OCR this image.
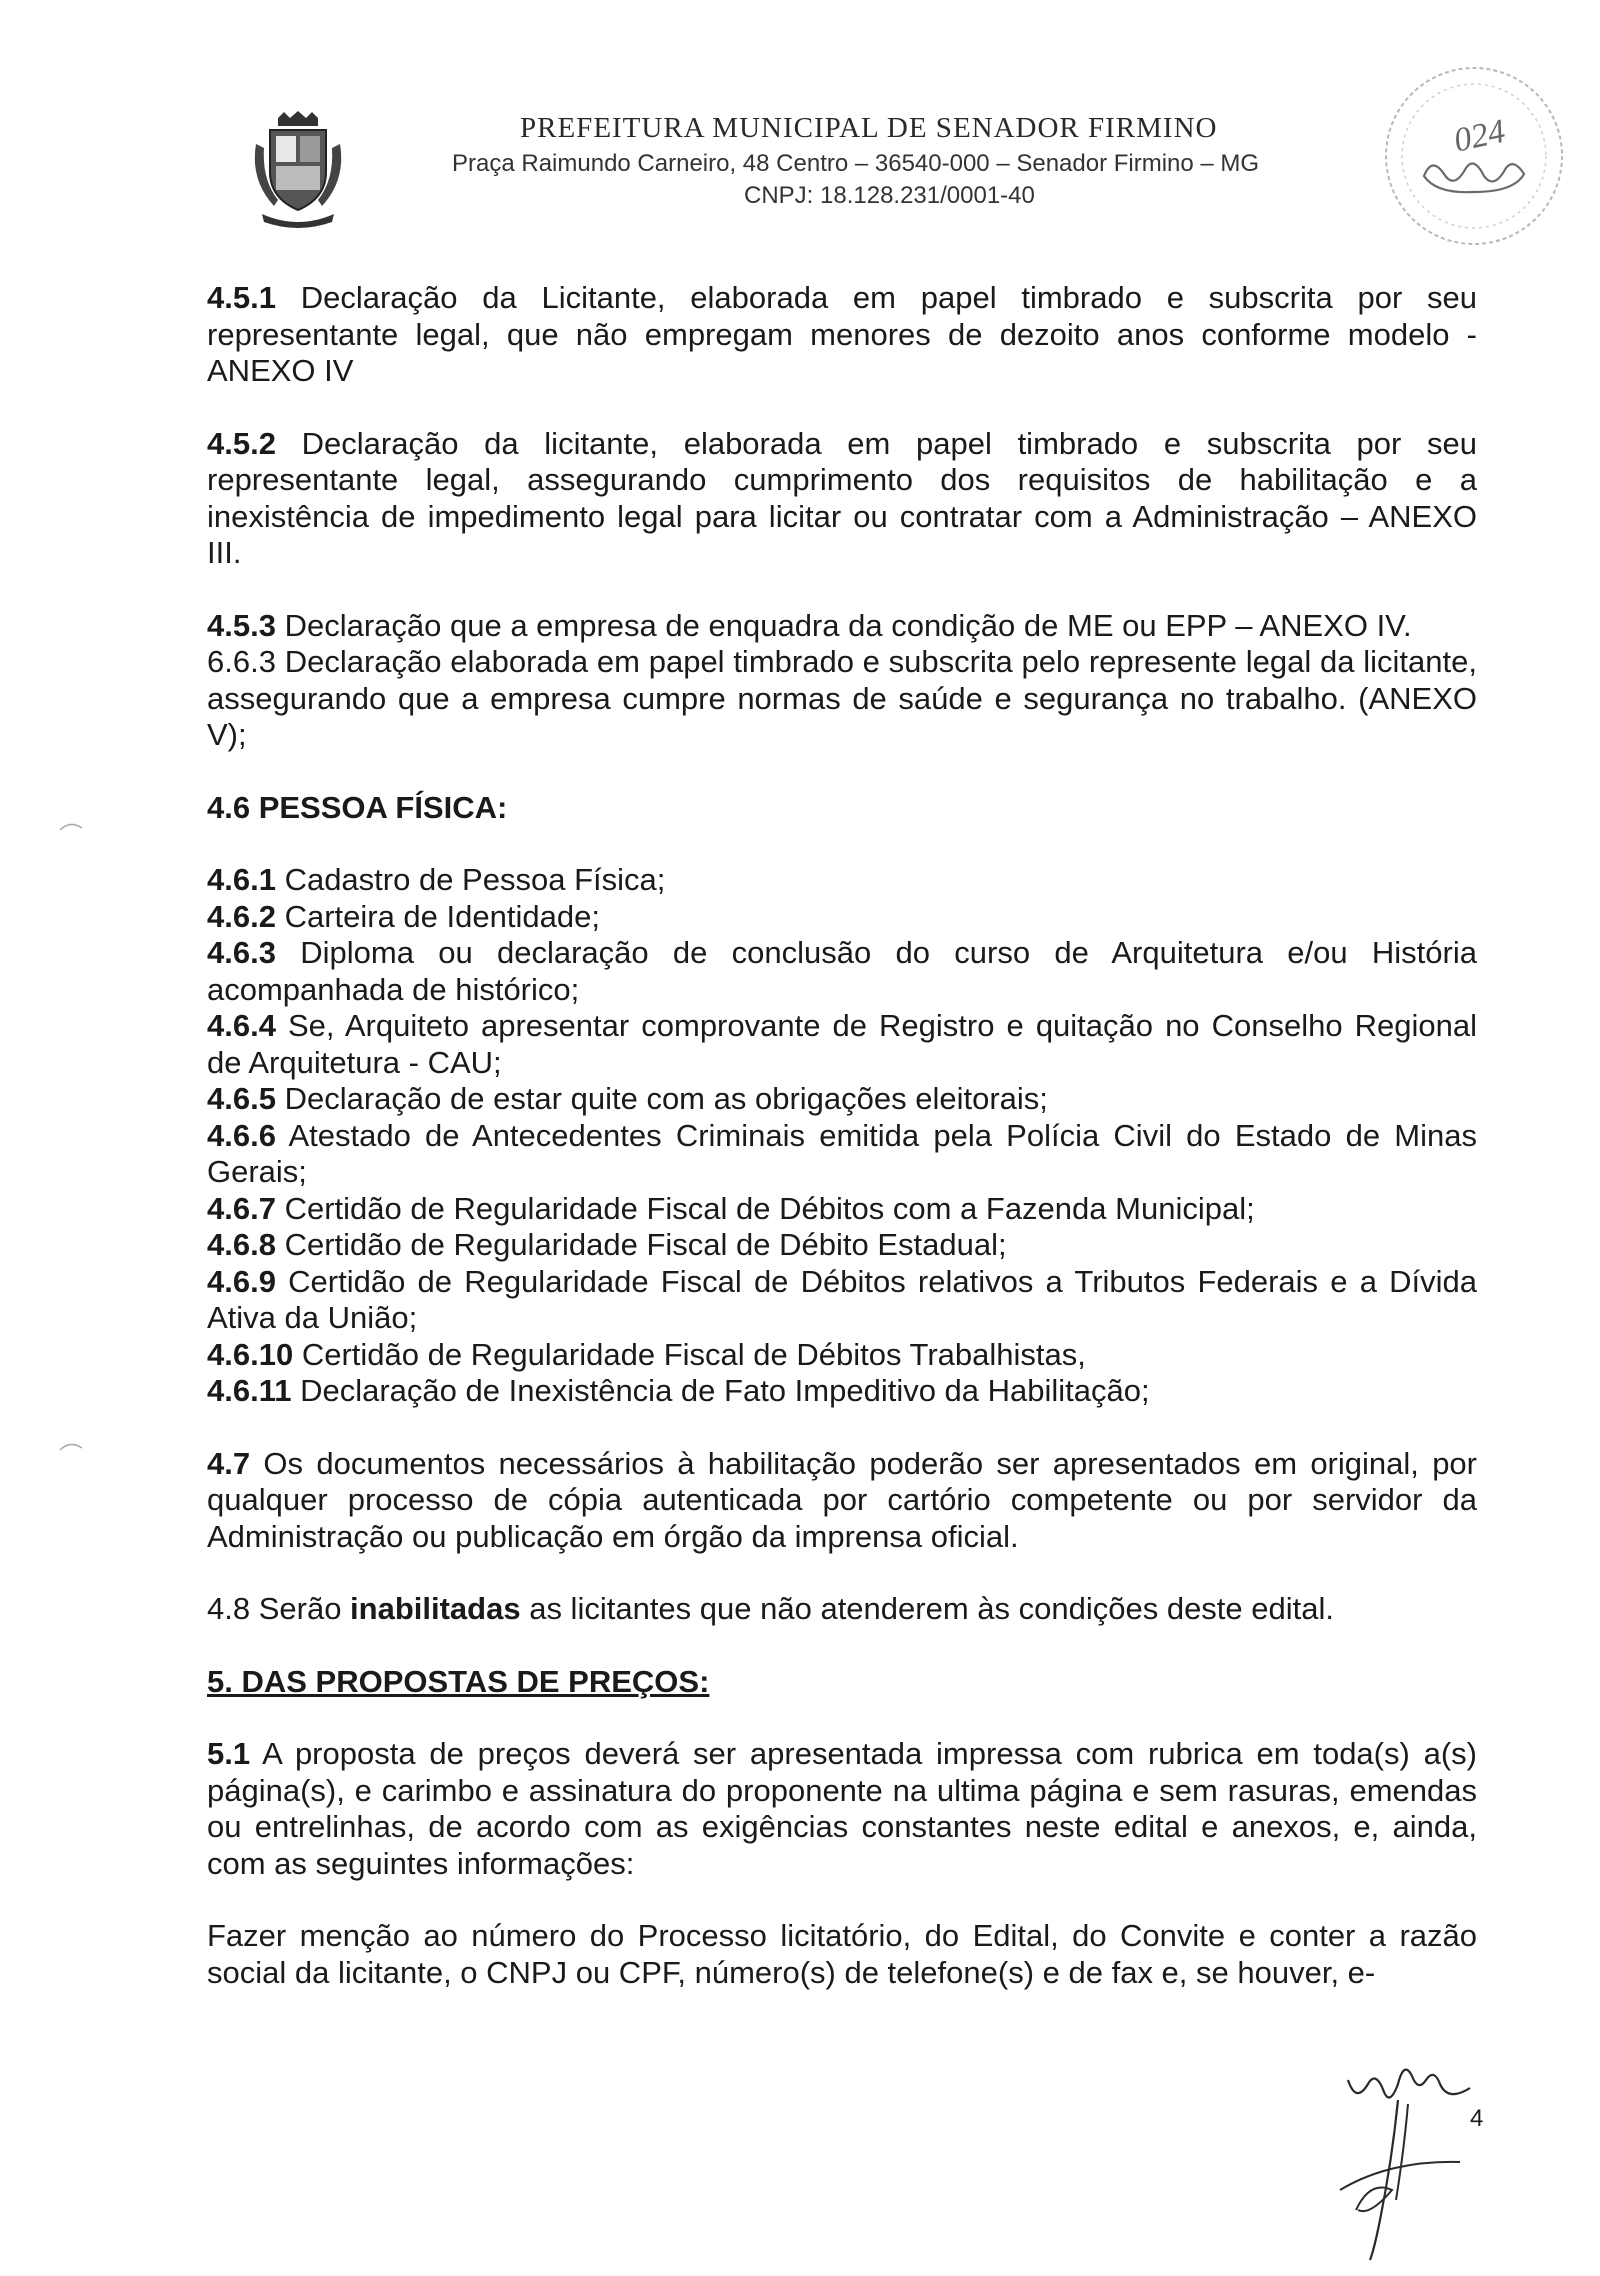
PREFEITURA MUNICIPAL DE SENADOR FIRMINO
Praça Raimundo Carneiro, 48 Centro – 36540-000 – Senador Firmino – MG
CNPJ: 18.128.231/0001-40
024

4.5.1 Declaração da Licitante, elaborada em papel timbrado e subscrita por seu representante legal, que não empregam menores de dezoito anos conforme modelo - ANEXO IV

4.5.2 Declaração da licitante, elaborada em papel timbrado e subscrita por seu representante legal, assegurando cumprimento dos requisitos de habilitação e a inexistência de impedimento legal para licitar ou contratar com a Administração – ANEXO III.

4.5.3 Declaração que a empresa de enquadra da condição de ME ou EPP – ANEXO IV.

6.6.3 Declaração elaborada em papel timbrado e subscrita pelo represente legal da licitante, assegurando que a empresa cumpre normas de saúde e segurança no trabalho. (ANEXO V);

4.6 PESSOA FÍSICA:

4.6.1 Cadastro de Pessoa Física;

4.6.2 Carteira de Identidade;

4.6.3 Diploma ou declaração de conclusão do curso de Arquitetura e/ou História acompanhada de histórico;

4.6.4 Se, Arquiteto apresentar comprovante de Registro e quitação no Conselho Regional de Arquitetura - CAU;

4.6.5 Declaração de estar quite com as obrigações eleitorais;

4.6.6 Atestado de Antecedentes Criminais emitida pela Polícia Civil do Estado de Minas Gerais;

4.6.7 Certidão de Regularidade Fiscal de Débitos com a Fazenda Municipal;

4.6.8 Certidão de Regularidade Fiscal de Débito Estadual;

4.6.9 Certidão de Regularidade Fiscal de Débitos relativos a Tributos Federais e a Dívida Ativa da União;

4.6.10 Certidão de Regularidade Fiscal de Débitos Trabalhistas,

4.6.11 Declaração de Inexistência de Fato Impeditivo da Habilitação;

4.7 Os documentos necessários à habilitação poderão ser apresentados em original, por qualquer processo de cópia autenticada por cartório competente ou por servidor da Administração ou publicação em órgão da imprensa oficial.

4.8 Serão inabilitadas as licitantes que não atenderem às condições deste edital.

5. DAS PROPOSTAS DE PREÇOS:

5.1 A proposta de preços deverá ser apresentada impressa com rubrica em toda(s) a(s) página(s), e carimbo e assinatura do proponente na ultima página e sem rasuras, emendas ou entrelinhas, de acordo com as exigências constantes neste edital e anexos, e, ainda, com as seguintes informações:

Fazer menção ao número do Processo licitatório, do Edital, do Convite e conter a razão social da licitante, o CNPJ ou CPF, número(s) de telefone(s) e de fax e, se houver, e-

4
